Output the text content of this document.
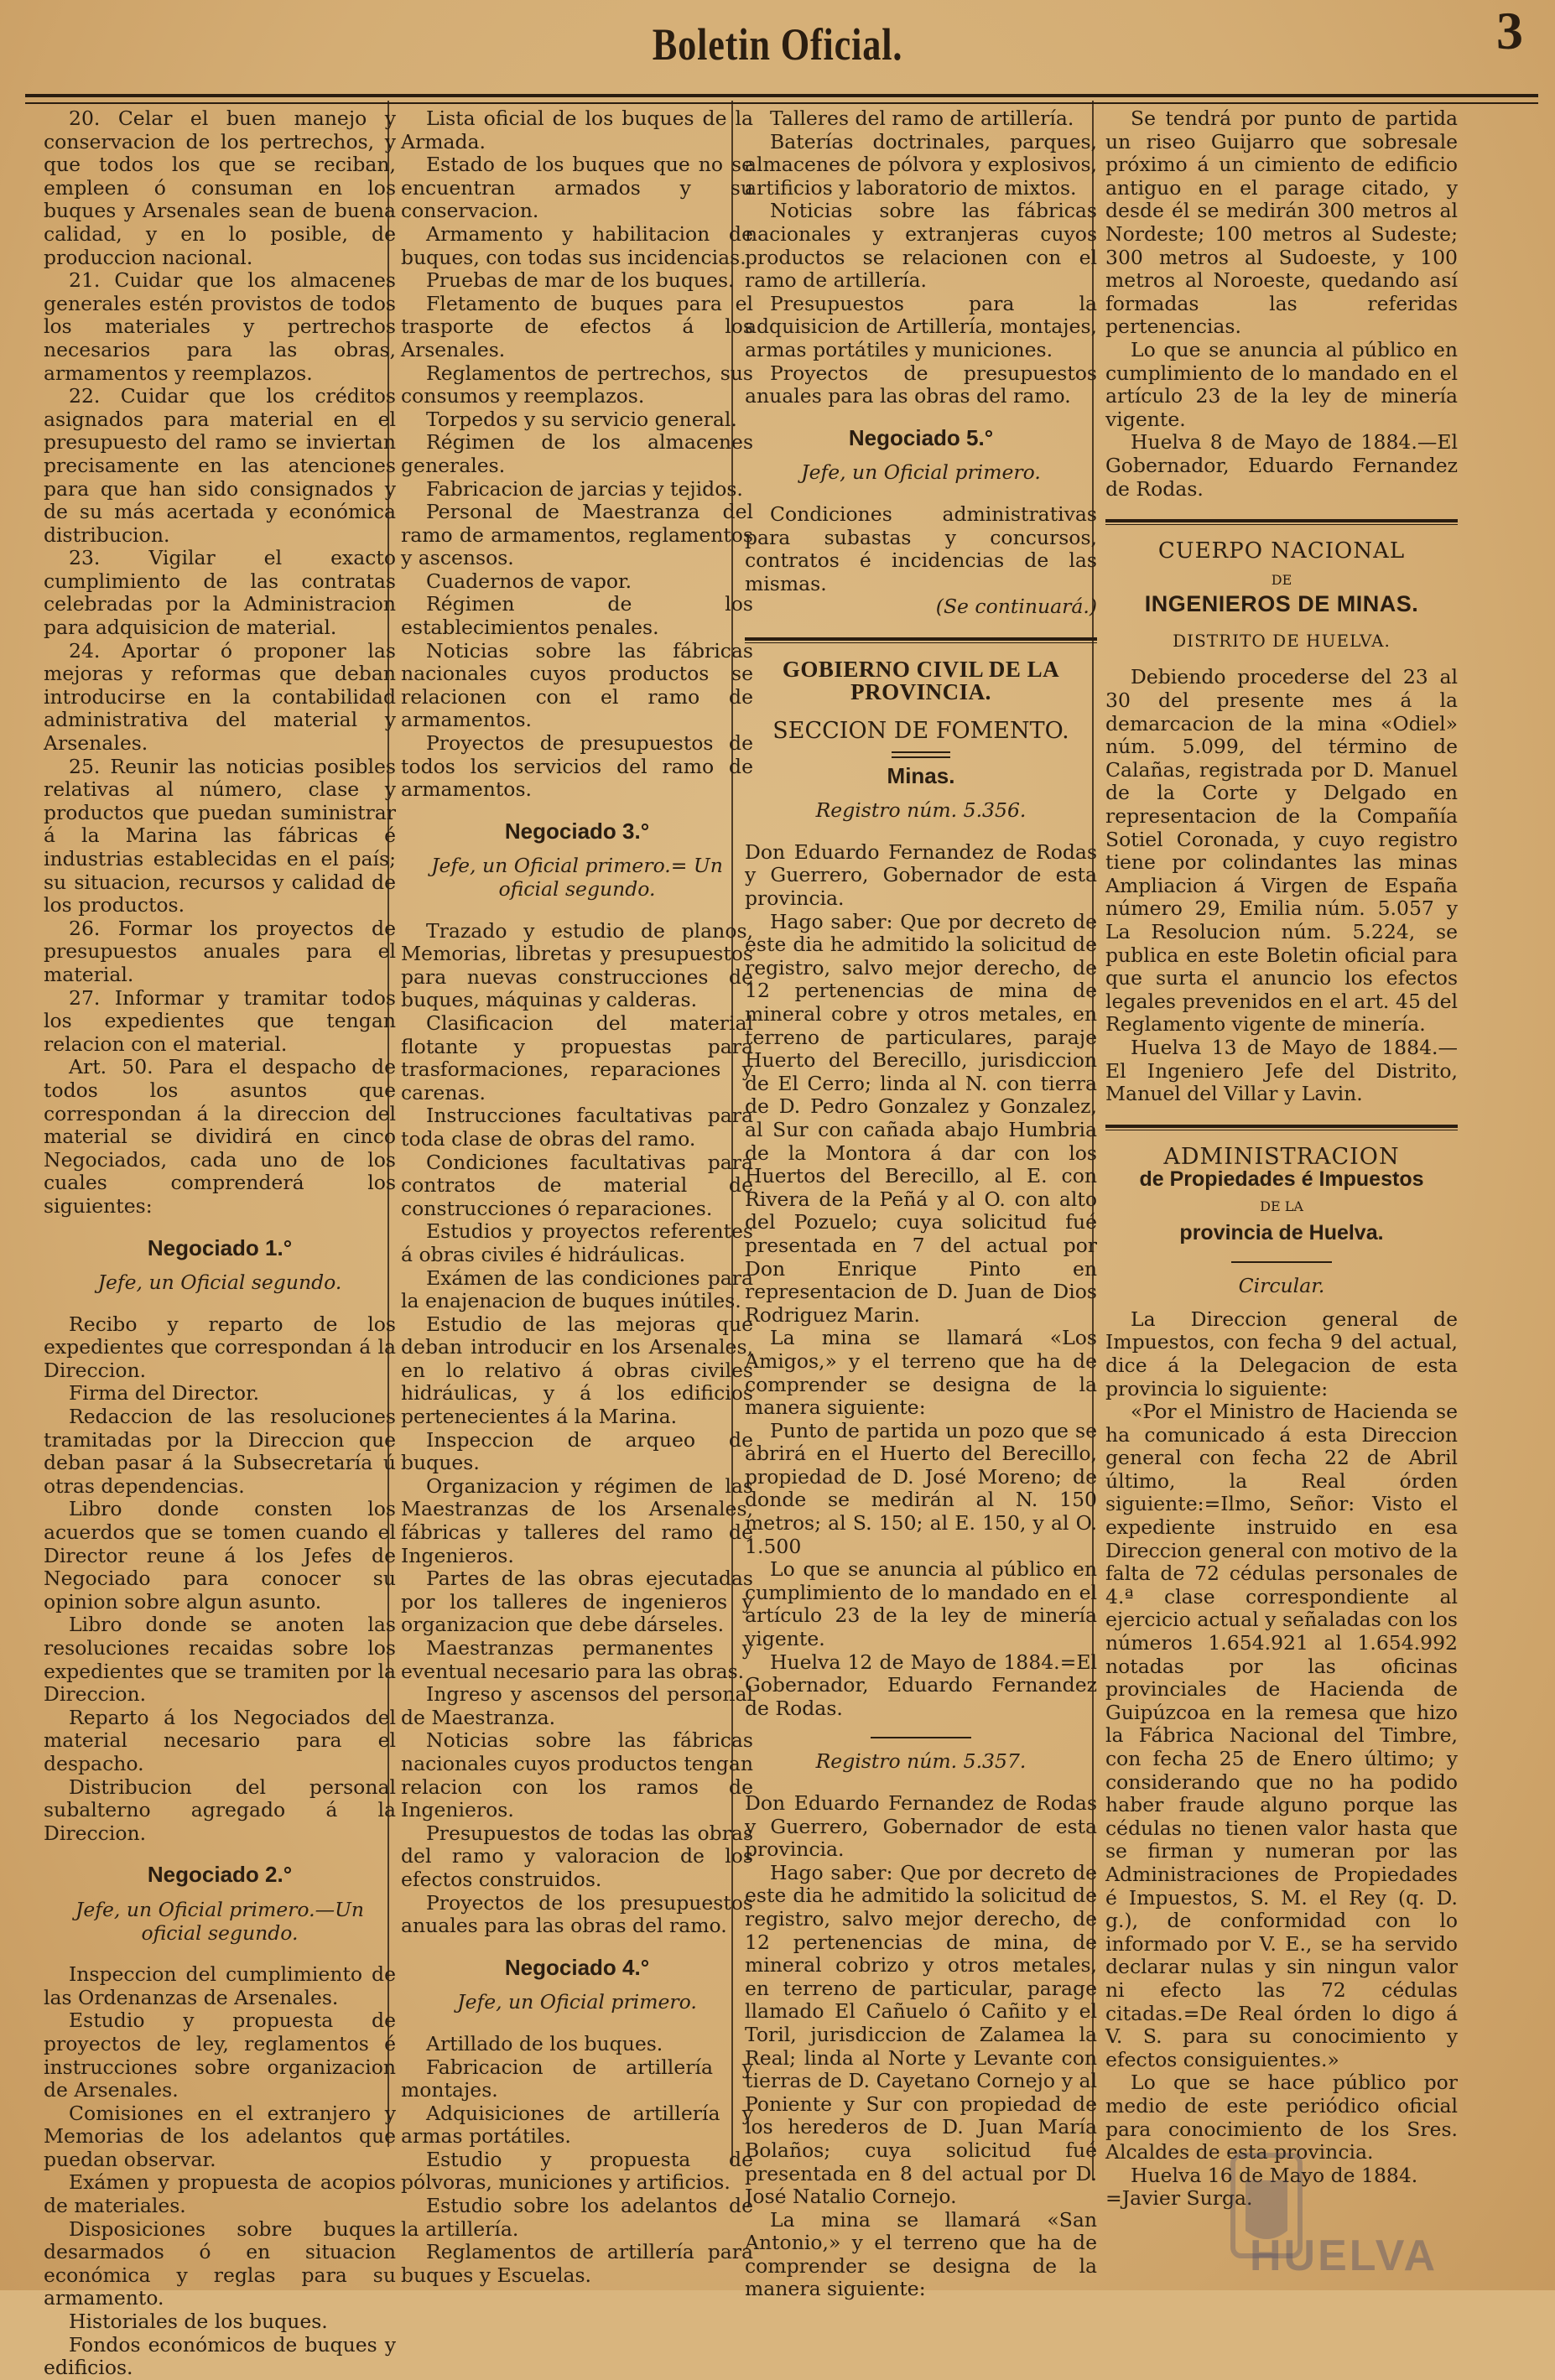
Boletin Oficial.	3
20. Celar el buen manejo y conservacion de los pertrechos, y que todos los que se reciban, empleen ó consuman en los buques y Arsenales sean de buena calidad, y en lo posible, de produccion nacional.
21. Cuidar que los almacenes generales estén provistos de todos los materiales y pertrechos necesarios para las obras, armamentos y reemplazos.
22. Cuidar que los créditos asignados para material en el presupuesto del ramo se inviertan precisamente en las atenciones para que han sido consignados y de su más acertada y económica distribucion.
23. Vigilar el exacto cumplimiento de las contratas celebradas por la Administracion para adquisicion de material.
24. Aportar ó proponer las mejoras y reformas que deban introducirse en la contabilidad administrativa del material y Arsenales.
25. Reunir las noticias posibles relativas al número, clase y productos que puedan suministrar á la Marina las fábricas é industrias establecidas en el país; su situacion, recursos y calidad de los productos.
26. Formar los proyectos de presupuestos anuales para el material.
27. Informar y tramitar todos los expedientes que tengan relacion con el material.
Art. 50. Para el despacho de todos los asuntos que correspondan á la direccion del material se dividirá en cinco Negociados, cada uno de los cuales comprenderá los siguientes:
Negociado 1.°
Jefe, un Oficial segundo.
Recibo y reparto de los expedientes que correspondan á la Direccion.
Firma del Director.
Redaccion de las resoluciones tramitadas por la Direccion que deban pasar á la Subsecretaría ú otras dependencias.
Libro donde consten los acuerdos que se tomen cuando el Director reune á los Jefes de Negociado para conocer su opinion sobre algun asunto.
Libro donde se anoten las resoluciones recaidas sobre los expedientes que se tramiten por la Direccion.
Reparto á los Negociados del material necesario para el despacho.
Distribucion del personal subalterno agregado á la Direccion.
Negociado 2.°
Jefe, un Oficial primero.—Un oficial segundo.
Inspeccion del cumplimiento de las Ordenanzas de Arsenales.
Estudio y propuesta de proyectos de ley, reglamentos é instrucciones sobre organizacion de Arsenales.
Comisiones en el extranjero y Memorias de los adelantos que puedan observar.
Exámen y propuesta de acopios de materiales.
Disposiciones sobre buques desarmados ó en situacion económica y reglas para su armamento.
Historiales de los buques.
Fondos económicos de buques y edificios.
Lista oficial de los buques de la Armada.
Estado de los buques que no se encuentran armados y su conservacion.
Armamento y habilitacion de buques, con todas sus incidencias.
Pruebas de mar de los buques.
Fletamento de buques para el trasporte de efectos á los Arsenales.
Reglamentos de pertrechos, sus consumos y reemplazos.
Torpedos y su servicio general.
Régimen de los almacenes generales.
Fabricacion de jarcias y tejidos.
Personal de Maestranza del ramo de armamentos, reglamentos y ascensos.
Cuadernos de vapor.
Régimen de los establecimientos penales.
Noticias sobre las fábricas nacionales cuyos productos se relacionen con el ramo de armamentos.
Proyectos de presupuestos de todos los servicios del ramo de armamentos.
Negociado 3.°
Jefe, un Oficial primero.= Un oficial segundo.
Trazado y estudio de planos, Memorias, libretas y presupuestos para nuevas construcciones de buques, máquinas y calderas.
Clasificacion del material flotante y propuestas para trasformaciones, reparaciones y carenas.
Instrucciones facultativas para toda clase de obras del ramo.
Condiciones facultativas para contratos de material de construcciones ó reparaciones.
Estudios y proyectos referentes á obras civiles é hidráulicas.
Exámen de las condiciones para la enajenacion de buques inútiles.
Estudio de las mejoras que deban introducir en los Arsenales, en lo relativo á obras civiles hidráulicas, y á los edificios pertenecientes á la Marina.
Inspeccion de arqueo de buques.
Organizacion y régimen de las Maestranzas de los Arsenales, fábricas y talleres del ramo de Ingenieros.
Partes de las obras ejecutadas por los talleres de ingenieros y organizacion que debe dárseles.
Maestranzas permanentes y eventual necesario para las obras.
Ingreso y ascensos del personal de Maestranza.
Noticias sobre las fábricas nacionales cuyos productos tengan relacion con los ramos de Ingenieros.
Presupuestos de todas las obras del ramo y valoracion de los efectos construidos.
Proyectos de los presupuestos anuales para las obras del ramo.
Negociado 4.°
Jefe, un Oficial primero.
Artillado de los buques.
Fabricacion de artillería y montajes.
Adquisiciones de artillería y armas portátiles.
Estudio y propuesta de pólvoras, municiones y artificios.
Estudio sobre los adelantos de la artillería.
Reglamentos de artillería para buques y Escuelas.
Talleres del ramo de artillería.
Baterías doctrinales, parques, almacenes de pólvora y explosivos, artificios y laboratorio de mixtos.
Noticias sobre las fábricas nacionales y extranjeras cuyos productos se relacionen con el ramo de artillería.
Presupuestos para la adquisicion de Artillería, montajes, armas portátiles y municiones.
Proyectos de presupuestos anuales para las obras del ramo.
Negociado 5.°
Jefe, un Oficial primero.
Condiciones administrativas para subastas y concursos, contratos é incidencias de las mismas.
(Se continuará.)
GOBIERNO CIVIL DE LA PROVINCIA.
SECCION DE FOMENTO.
Minas.
Registro núm. 5.356.
Don Eduardo Fernandez de Rodas y Guerrero, Gobernador de esta provincia.
Hago saber: Que por decreto de este dia he admitido la solicitud de registro, salvo mejor derecho, de 12 pertenencias de mina de mineral cobre y otros metales, en terreno de particulares, paraje Huerto del Berecillo, jurisdiccion de El Cerro; linda al N. con tierra de D. Pedro Gonzalez y Gonzalez, al Sur con cañada abajo Humbria de la Montora á dar con los Huertos del Berecillo, al E. con Rivera de la Peñá y al O. con alto del Pozuelo; cuya solicitud fué presentada en 7 del actual por Don Enrique Pinto en representacion de D. Juan de Dios Rodriguez Marin.
La mina se llamará «Los Amigos,» y el terreno que ha de comprender se designa de la manera siguiente:
Punto de partida un pozo que se abrirá en el Huerto del Berecillo, propiedad de D. José Moreno; de donde se medirán al N. 150 metros; al S. 150; al E. 150, y al O. 1.500
Lo que se anuncia al público en cumplimiento de lo mandado en el artículo 23 de la ley de minería vigente.
Huelva 12 de Mayo de 1884.=El Gobernador, Eduardo Fernandez de Rodas.
Registro núm. 5.357.
Don Eduardo Fernandez de Rodas y Guerrero, Gobernador de esta provincia.
Hago saber: Que por decreto de este dia he admitido la solicitud de registro, salvo mejor derecho, de 12 pertenencias de mina, de mineral cobrizo y otros metales, en terreno de particular, parage llamado El Cañuelo ó Cañito y el Toril, jurisdiccion de Zalamea la Real; linda al Norte y Levante con tierras de D. Cayetano Cornejo y al Poniente y Sur con propiedad de los herederos de D. Juan María Bolaños; cuya solicitud fué presentada en 8 del actual por D. José Natalio Cornejo.
La mina se llamará «San Antonio,» y el terreno que ha de comprender se designa de la manera siguiente:
Se tendrá por punto de partida un riseo Guijarro que sobresale próximo á un cimiento de edificio antiguo en el parage citado, y desde él se medirán 300 metros al Nordeste; 100 metros al Sudeste; 300 metros al Sudoeste, y 100 metros al Noroeste, quedando así formadas las referidas pertenencias.
Lo que se anuncia al público en cumplimiento de lo mandado en el artículo 23 de la ley de minería vigente.
Huelva 8 de Mayo de 1884.—El Gobernador, Eduardo Fernandez de Rodas.
CUERPO NACIONAL
DE
INGENIEROS DE MINAS.
DISTRITO DE HUELVA.
Debiendo procederse del 23 al 30 del presente mes á la demarcacion de la mina «Odiel» núm. 5.099, del término de Calañas, registrada por D. Manuel de la Corte y Delgado en representacion de la Compañía Sotiel Coronada, y cuyo registro tiene por colindantes las minas Ampliacion á Virgen de España número 29, Emilia núm. 5.057 y La Resolucion núm. 5.224, se publica en este Boletin oficial para que surta el anuncio los efectos legales prevenidos en el art. 45 del Reglamento vigente de minería.
Huelva 13 de Mayo de 1884.—El Ingeniero Jefe del Distrito, Manuel del Villar y Lavin.
ADMINISTRACION
de Propiedades é Impuestos
DE LA
provincia de Huelva.
Circular.
La Direccion general de Impuestos, con fecha 9 del actual, dice á la Delegacion de esta provincia lo siguiente:
«Por el Ministro de Hacienda se ha comunicado á esta Direccion general con fecha 22 de Abril último, la Real órden siguiente:=Ilmo, Señor: Visto el expediente instruido en esa Direccion general con motivo de la falta de 72 cédulas personales de 4.ª clase correspondiente al ejercicio actual y señaladas con los números 1.654.921 al 1.654.992 notadas por las oficinas provinciales de Hacienda de Guipúzcoa en la remesa que hizo la Fábrica Nacional del Timbre, con fecha 25 de Enero último; y considerando que no ha podido haber fraude alguno porque las cédulas no tienen valor hasta que se firman y numeran por las Administraciones de Propiedades é Impuestos, S. M. el Rey (q. D. g.), de conformidad con lo informado por V. E., se ha servido declarar nulas y sin ningun valor ni efecto las 72 cédulas citadas.=De Real órden lo digo á V. S. para su conocimiento y efectos consiguientes.»
Lo que se hace público por medio de este periódico oficial para conocimiento de los Sres. Alcaldes de esta provincia.
Huelva 16 de Mayo de 1884.
=Javier Surga.
HUELVA
